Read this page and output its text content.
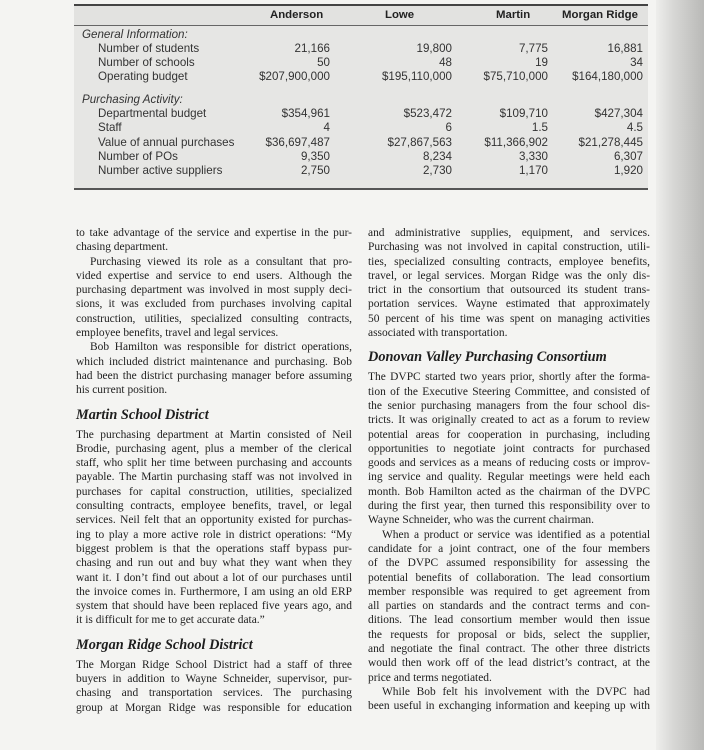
Anderson	Lowe	Martin	Morgan Ridge
General Information:
Number of students	21,166	19,800	7,775	16,881
Number of schools	50	48	19	34
Operating budget	$207,900,000	$195,110,000	$75,710,000 $164,180,000
Purchasing Activity:
Departmental budget	$354,961	$523,472	$109,710	$427,304
Staff	4	6	1.5	4.5
Value of annual purchases	$36,697,487	$27,867,563	$11,366,902	$21,278,445
Number of POs	9,350	8,234	3,330	6,307
Number active suppliers	2,750	2,730	1,170	1,920
to take advantage of the service and expertise in the pur-
chasing department.
Purchasing viewed its role as a consultant that pro-
vided expertise and service to end users. Although the
purchasing department was involved in most supply deci-
sions, it was excluded from purchases involving capital
construction, utilities, specialized consulting contracts,
employee benefits, travel and legal services.
Bob Hamilton was responsible for district operations,
which included district maintenance and purchasing. Bob
had been the district purchasing manager before assuming
his current position.
Martin School District
The purchasing department at Martin consisted of Neil
Brodie, purchasing agent, plus a member of the clerical
staff, who split her time between purchasing and accounts
payable. The Martin purchasing staff was not involved in
purchases for capital construction, utilities, specialized
consulting contracts, employee benefits, travel, or legal
services. Neil felt that an opportunity existed for purchas-
ing to play a more active role in district operations: “My
biggest problem is that the operations staff bypass pur-
chasing and run out and buy what they want when they
want it. I don’t find out about a lot of our purchases until
the invoice comes in. Furthermore, I am using an old ERP
system that should have been replaced five years ago, and
it is difficult for me to get accurate data.”
Morgan Ridge School District
The Morgan Ridge School District had a staff of three
buyers in addition to Wayne Schneider, supervisor, pur-
chasing and transportation services. The purchasing
group at Morgan Ridge was responsible for education
and administrative supplies, equipment, and services.
Purchasing was not involved in capital construction, utili-
ties, specialized consulting contracts, employee benefits,
travel, or legal services. Morgan Ridge was the only dis-
trict in the consortium that outsourced its student trans-
portation services. Wayne estimated that approximately
50 percent of his time was spent on managing activities
associated with transportation.
Donovan Valley Purchasing Consortium
The DVPC started two years prior, shortly after the forma-
tion of the Executive Steering Committee, and consisted of
the senior purchasing managers from the four school dis-
tricts. It was originally created to act as a forum to review
potential areas for cooperation in purchasing, including
opportunities to negotiate joint contracts for purchased
goods and services as a means of reducing costs or improv-
ing service and quality. Regular meetings were held each
month. Bob Hamilton acted as the chairman of the DVPC
during the first year, then turned this responsibility over to
Wayne Schneider, who was the current chairman.
When a product or service was identified as a potential
candidate for a joint contract, one of the four members
of the DVPC assumed responsibility for assessing the
potential benefits of collaboration. The lead consortium
member responsible was required to get agreement from
all parties on standards and the contract terms and con-
ditions. The lead consortium member would then issue
the requests for proposal or bids, select the supplier,
and negotiate the final contract. The other three districts
would then work off of the lead district’s contract, at the
price and terms negotiated.
While Bob felt his involvement with the DVPC had
been useful in exchanging information and keeping up with
